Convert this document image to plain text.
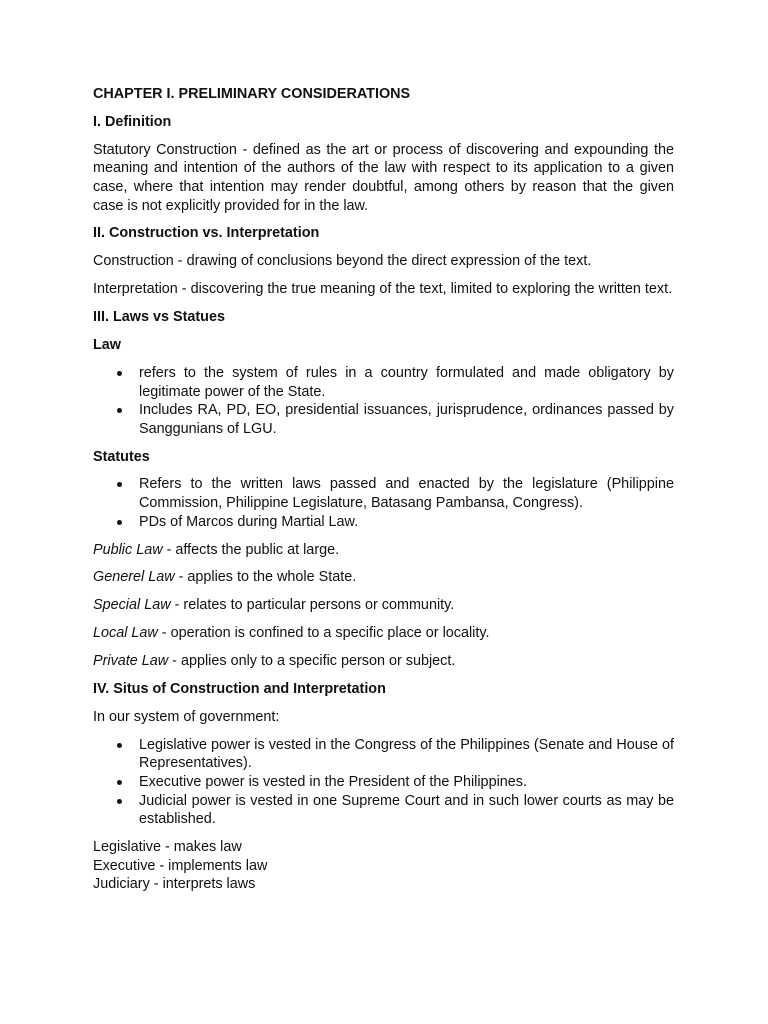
CHAPTER I. PRELIMINARY CONSIDERATIONS

I. Definition

Statutory Construction - defined as the art or process of discovering and expounding the meaning and intention of the authors of the law with respect to its application to a given case, where that intention may render doubtful, among others by reason that the given case is not explicitly provided for in the law.

II. Construction vs. Interpretation

Construction - drawing of conclusions beyond the direct expression of the text.

Interpretation - discovering the true meaning of the text, limited to exploring the written text.

III. Laws vs Statues

Law

refers to the system of rules in a country formulated and made obligatory by legitimate power of the State.
Includes RA, PD, EO, presidential issuances, jurisprudence, ordinances passed by Sanggunians of LGU.

Statutes

Refers to the written laws passed and enacted by the legislature (Philippine Commission, Philippine Legislature, Batasang Pambansa, Congress).
PDs of Marcos during Martial Law.

Public Law - affects the public at large.

Generel Law - applies to the whole State.

Special Law - relates to particular persons or community.

Local Law - operation is confined to a specific place or locality.

Private Law - applies only to a specific person or subject.

IV. Situs of Construction and Interpretation

In our system of government:

Legislative power is vested in the Congress of the Philippines (Senate and House of Representatives).
Executive power is vested in the President of the Philippines.
Judicial power is vested in one Supreme Court and in such lower courts as may be established.
Legislative - makes law
Executive - implements law
Judiciary - interprets laws
